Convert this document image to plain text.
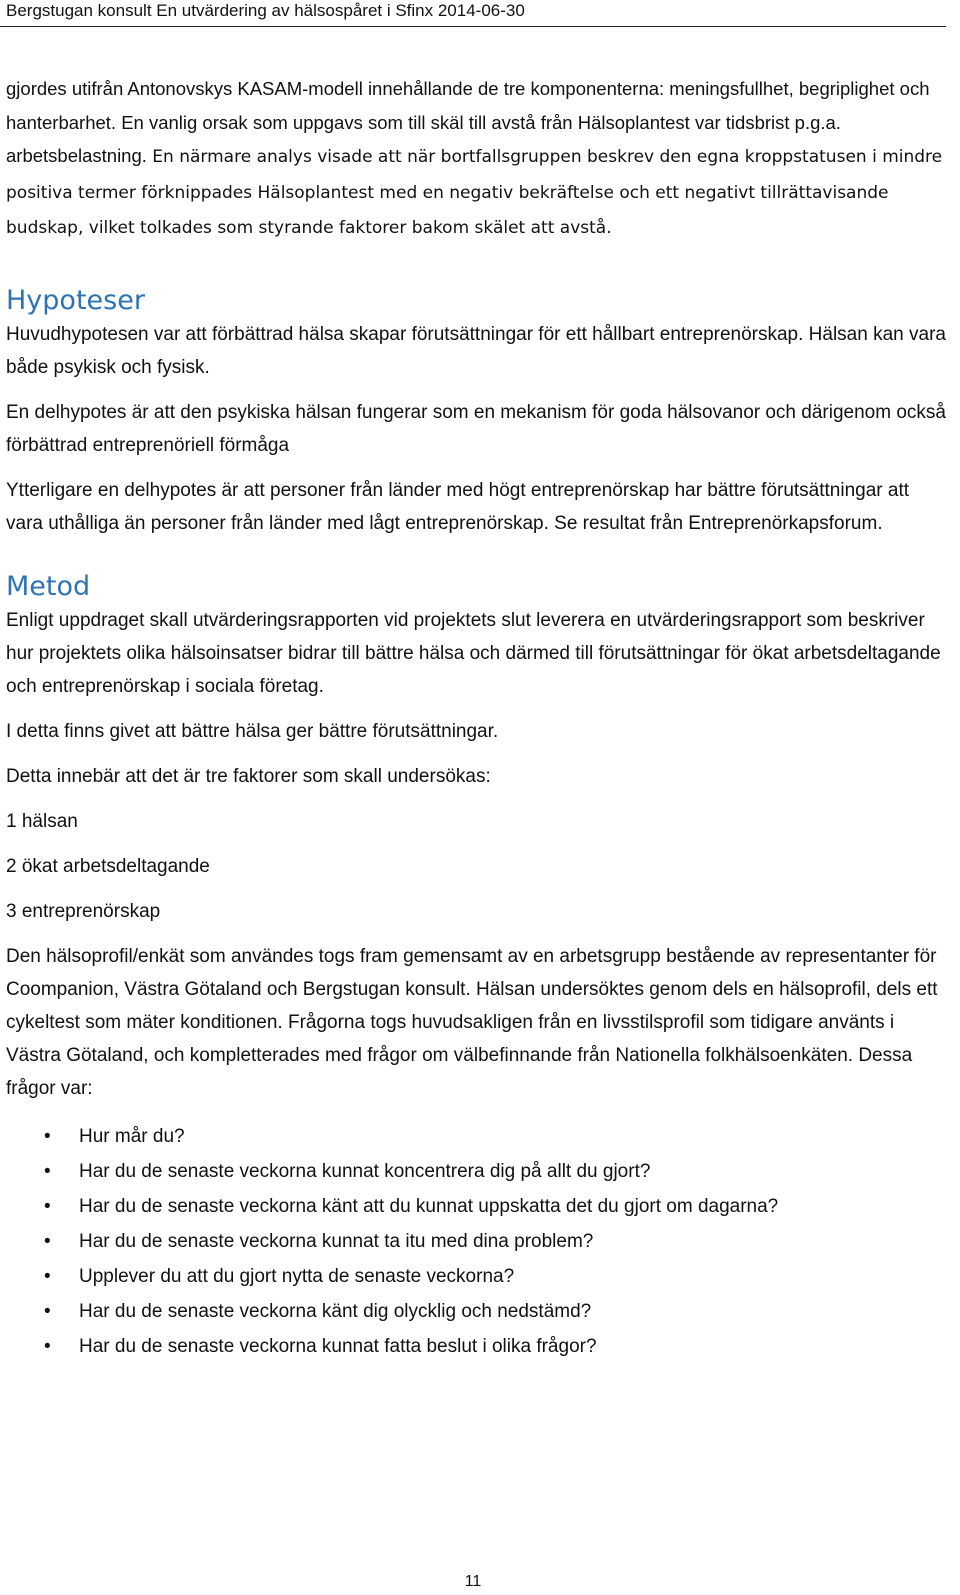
Bergstugan konsult En utvärdering av hälsospåret i Sfinx 2014-06-30

gjordes utifrån Antonovskys KASAM-modell innehållande de tre komponenterna: meningsfullhet, begriplighet och hanterbarhet. En vanlig orsak som uppgavs som till skäl till avstå från Hälsoplantest var tidsbrist p.g.a. arbetsbelastning. En närmare analys visade att när bortfallsgruppen beskrev den egna kroppstatusen i mindre positiva termer förknippades Hälsoplantest med en negativ bekräftelse och ett negativt tillrättavisande budskap, vilket tolkades som styrande faktorer bakom skälet att avstå.

Hypoteser

Huvudhypotesen var att förbättrad hälsa skapar förutsättningar för ett hållbart entreprenörskap. Hälsan kan vara både psykisk och fysisk.

En delhypotes är att den psykiska hälsan fungerar som en mekanism för goda hälsovanor och därigenom också förbättrad entreprenöriell förmåga

Ytterligare en delhypotes är att personer från länder med högt entreprenörskap har bättre förutsättningar att vara uthålliga än personer från länder med lågt entreprenörskap. Se resultat från Entreprenörkapsforum.

Metod

Enligt uppdraget skall utvärderingsrapporten vid projektets slut leverera en utvärderingsrapport som beskriver hur projektets olika hälsoinsatser bidrar till bättre hälsa och därmed till förutsättningar för ökat arbetsdeltagande och entreprenörskap i sociala företag.

I detta finns givet att bättre hälsa ger bättre förutsättningar.

Detta innebär att det är tre faktorer som skall undersökas:

1 hälsan

2 ökat arbetsdeltagande

3 entreprenörskap

Den hälsoprofil/enkät som användes togs fram gemensamt av en arbetsgrupp bestående av representanter för Coompanion, Västra Götaland och Bergstugan konsult. Hälsan undersöktes genom dels en hälsoprofil, dels ett cykeltest som mäter konditionen. Frågorna togs huvudsakligen från en livsstilsprofil som tidigare använts i Västra Götaland, och kompletterades med frågor om välbefinnande från Nationella folkhälsoenkäten. Dessa frågor var:

• Hur mår du?
• Har du de senaste veckorna kunnat koncentrera dig på allt du gjort?
• Har du de senaste veckorna känt att du kunnat uppskatta det du gjort om dagarna?
• Har du de senaste veckorna kunnat ta itu med dina problem?
• Upplever du att du gjort nytta de senaste veckorna?
• Har du de senaste veckorna känt dig olycklig och nedstämd?
• Har du de senaste veckorna kunnat fatta beslut i olika frågor?
11
